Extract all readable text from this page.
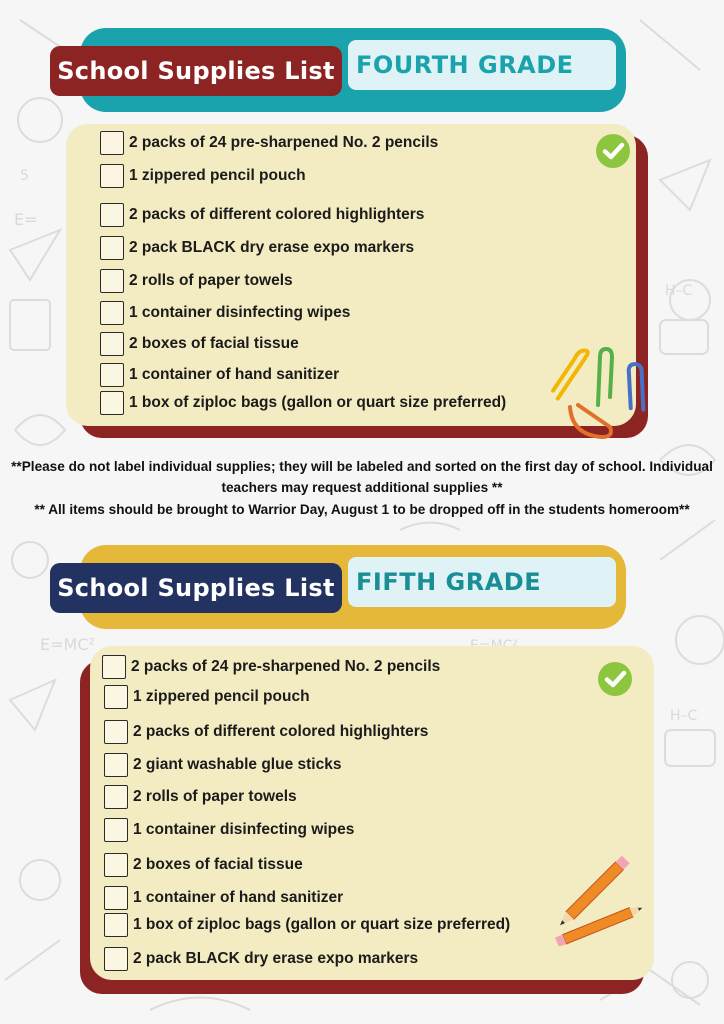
E=
E=MC²
H–C
H–C
5
School Supplies List FOURTH GRADE
2 packs of 24 pre-sharpened No. 2 pencils
1 zippered pencil pouch
2 packs of different colored highlighters
2 pack BLACK dry erase expo markers
2 rolls of paper towels
1 container disinfecting wipes
2 boxes of facial tissue
1 container of hand sanitizer
1 box of ziploc bags (gallon or quart size preferred)
**Please do not label individual supplies; they will be labeled and sorted on the first day of school. Individual
teachers may request additional supplies **
** All items should be brought to Warrior Day, August 1 to be dropped off in the students homeroom**
School Supplies List FIFTH GRADE
2 packs of 24 pre-sharpened No. 2 pencils
1 zippered pencil pouch
2 packs of different colored highlighters
2 giant washable glue sticks
2 rolls of paper towels
1 container disinfecting wipes
2 boxes of facial tissue
1 container of hand sanitizer
1 box of ziploc bags (gallon or quart size preferred)
2 pack BLACK dry erase expo markers
